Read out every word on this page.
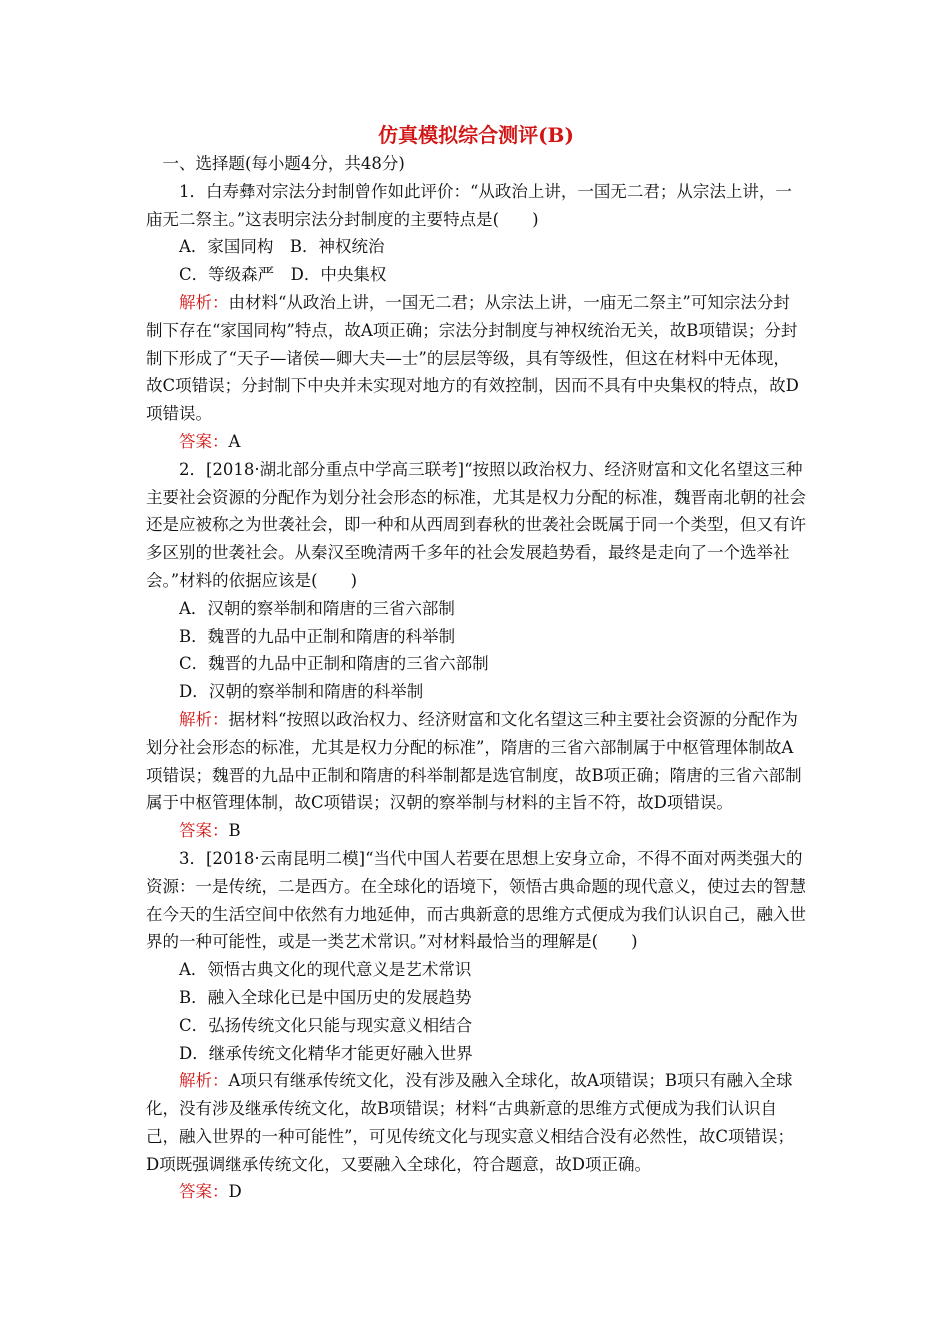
仿真模拟综合测评(B)

一、选择题(每小题4分，共48分)

1．白寿彝对宗法分封制曾作如此评价：“从政治上讲，一国无二君；从宗法上讲，一庙无二祭主。”这表明宗法分封制度的主要特点是(　　)

A．家国同构　B．神权统治

C．等级森严　D．中央集权

解析：由材料“从政治上讲，一国无二君；从宗法上讲，一庙无二祭主”可知宗法分封制下存在“家国同构”特点，故A项正确；宗法分封制度与神权统治无关，故B项错误；分封制下形成了“天子—诸侯—卿大夫—士”的层层等级，具有等级性，但这在材料中无体现，故C项错误；分封制下中央并未实现对地方的有效控制，因而不具有中央集权的特点，故D项错误。

答案：A

2．[2018·湖北部分重点中学高三联考]“按照以政治权力、经济财富和文化名望这三种主要社会资源的分配作为划分社会形态的标准，尤其是权力分配的标准，魏晋南北朝的社会还是应被称之为世袭社会，即一种和从西周到春秋的世袭社会既属于同一个类型，但又有许多区别的世袭社会。从秦汉至晚清两千多年的社会发展趋势看，最终是走向了一个选举社会。”材料的依据应该是(　　)

A．汉朝的察举制和隋唐的三省六部制

B．魏晋的九品中正制和隋唐的科举制

C．魏晋的九品中正制和隋唐的三省六部制

D．汉朝的察举制和隋唐的科举制

解析：据材料“按照以政治权力、经济财富和文化名望这三种主要社会资源的分配作为划分社会形态的标准，尤其是权力分配的标准”，隋唐的三省六部制属于中枢管理体制故A项错误；魏晋的九品中正制和隋唐的科举制都是选官制度，故B项正确；隋唐的三省六部制属于中枢管理体制，故C项错误；汉朝的察举制与材料的主旨不符，故D项错误。

答案：B

3．[2018·云南昆明二模]“当代中国人若要在思想上安身立命，不得不面对两类强大的资源：一是传统，二是西方。在全球化的语境下，领悟古典命题的现代意义，使过去的智慧在今天的生活空间中依然有力地延伸，而古典新意的思维方式便成为我们认识自己，融入世界的一种可能性，或是一类艺术常识。”对材料最恰当的理解是(　　)

A．领悟古典文化的现代意义是艺术常识

B．融入全球化已是中国历史的发展趋势

C．弘扬传统文化只能与现实意义相结合

D．继承传统文化精华才能更好融入世界

解析：A项只有继承传统文化，没有涉及融入全球化，故A项错误；B项只有融入全球化，没有涉及继承传统文化，故B项错误；材料“古典新意的思维方式便成为我们认识自己，融入世界的一种可能性”，可见传统文化与现实意义相结合没有必然性，故C项错误；D项既强调继承传统文化，又要融入全球化，符合题意，故D项正确。

答案：D
